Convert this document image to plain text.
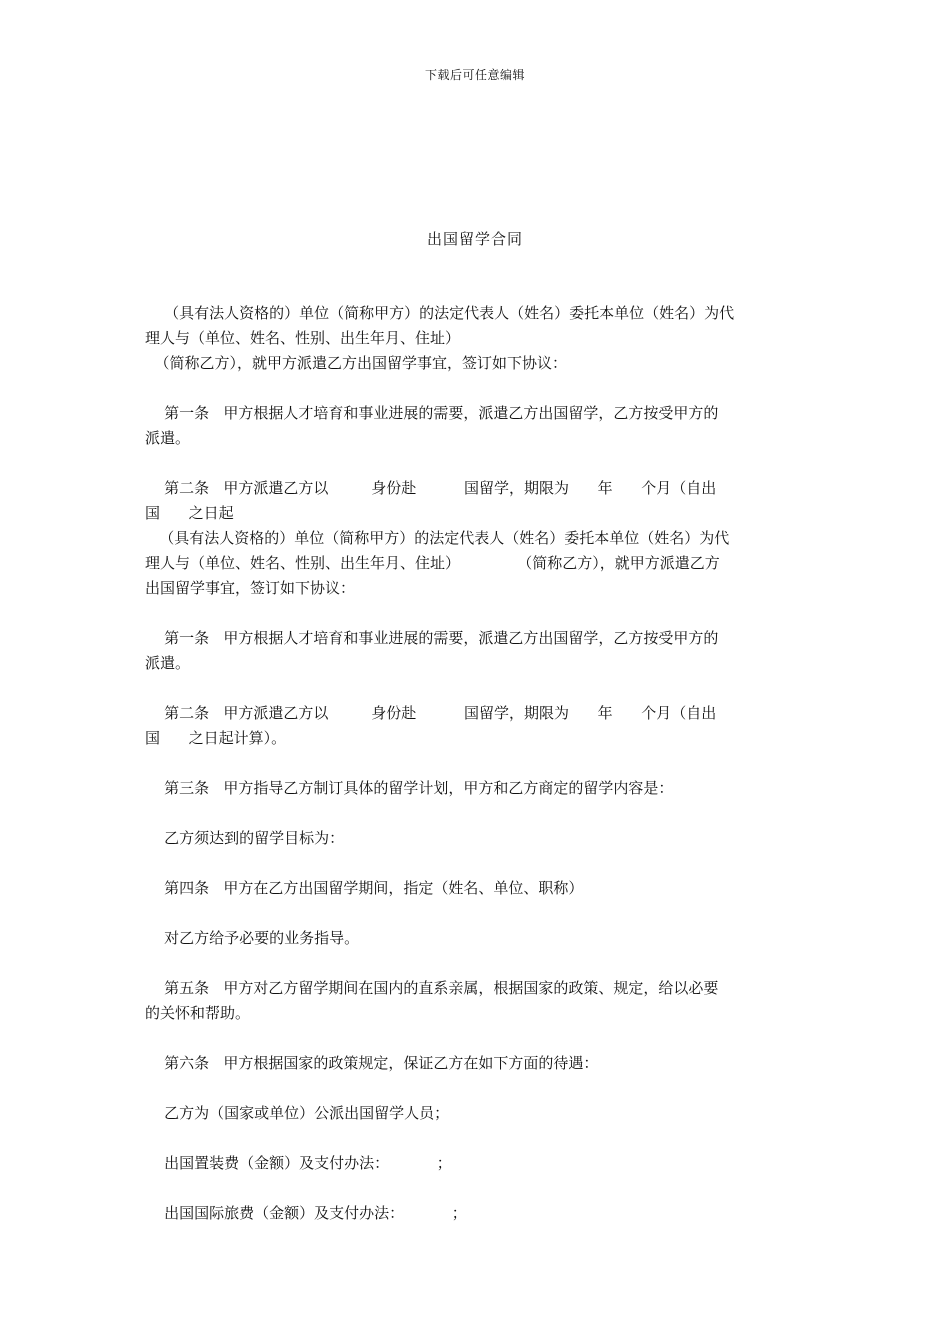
下载后可任意编辑
出国留学合同
（具有法人资格的）单位（简称甲方）的法定代表人（姓名）委托本单位（姓名）为代
理人与（单位、姓名、性别、出生年月、住址）
（简称乙方），就甲方派遣乙方出国留学事宜，签订如下协议：
第一条   甲方根据人才培育和事业进展的需要，派遣乙方出国留学，乙方按受甲方的
派遣。
第二条   甲方派遣乙方以         身份赴          国留学，期限为      年      个月（自出
国      之日起
（具有法人资格的）单位（简称甲方）的法定代表人（姓名）委托本单位（姓名）为代
理人与（单位、姓名、性别、出生年月、住址）            （简称乙方），就甲方派遣乙方
出国留学事宜，签订如下协议：
第一条   甲方根据人才培育和事业进展的需要，派遣乙方出国留学，乙方按受甲方的
派遣。
第二条   甲方派遣乙方以         身份赴          国留学，期限为      年      个月（自出
国      之日起计算）。
第三条   甲方指导乙方制订具体的留学计划，甲方和乙方商定的留学内容是：
乙方须达到的留学目标为：
第四条   甲方在乙方出国留学期间，指定（姓名、单位、职称）
对乙方给予必要的业务指导。
第五条   甲方对乙方留学期间在国内的直系亲属，根据国家的政策、规定，给以必要
的关怀和帮助。
第六条   甲方根据国家的政策规定，保证乙方在如下方面的待遇：
乙方为（国家或单位）公派出国留学人员；
出国置装费（金额）及支付办法：          ；
出国国际旅费（金额）及支付办法：          ；
